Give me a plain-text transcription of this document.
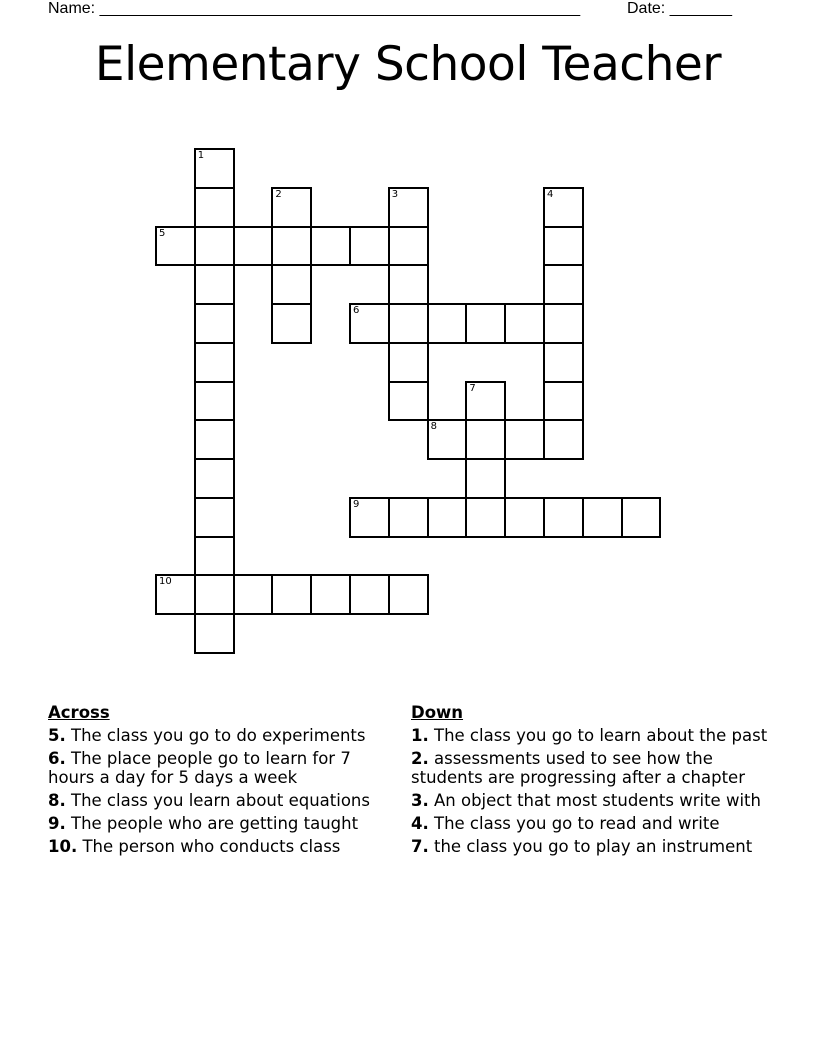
Name: ______________________________________________________	Date: _______
Elementary School Teacher
1
2	3	4
5
6
7
8
9
10
Across
5. The class you go to do experiments
6. The place people go to learn for 7 hours a day for 5 days a week
8. The class you learn about equations
9. The people who are getting taught
10. The person who conducts class
Down
1. The class you go to learn about the past
2. assessments used to see how the students are progressing after a chapter
3. An object that most students write with
4. The class you go to read and write
7. the class you go to play an instrument
